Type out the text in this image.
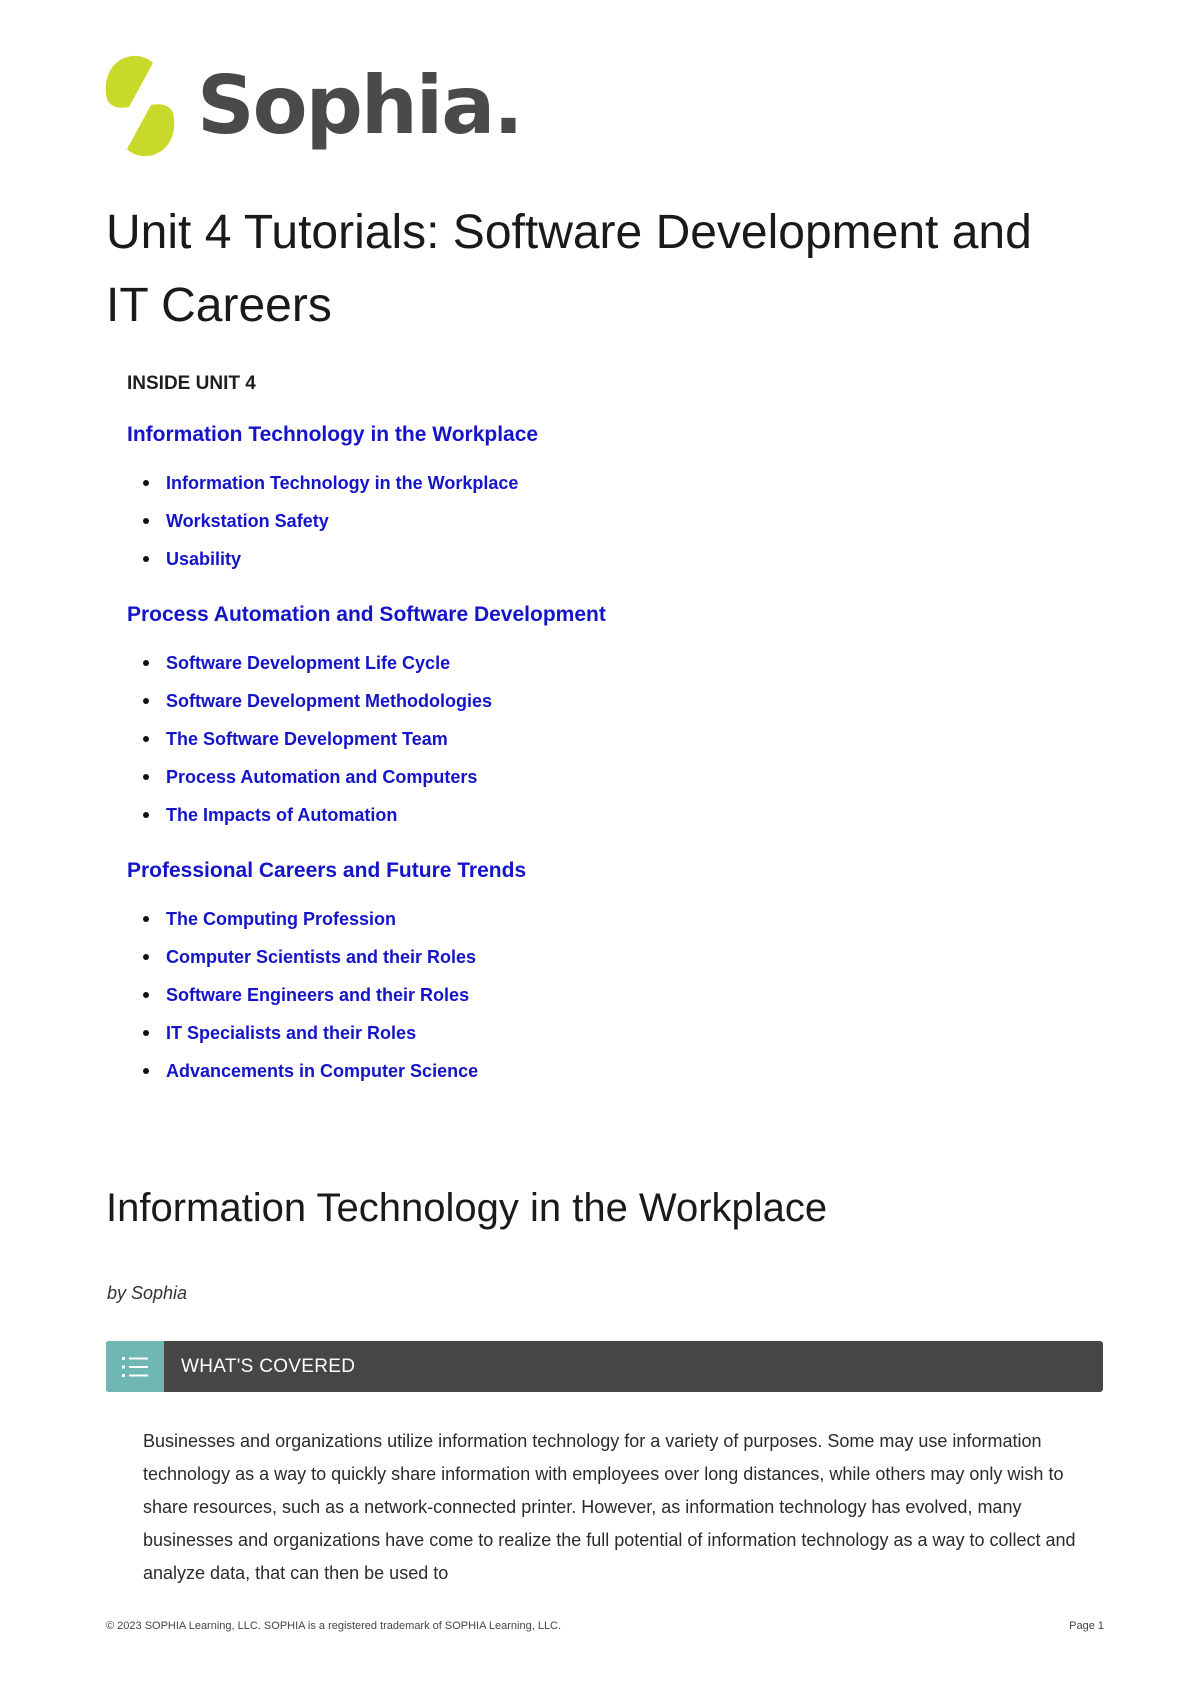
Sophia.
Unit 4 Tutorials: Software Development and IT Careers

INSIDE UNIT 4

Information Technology in the Workplace
Information Technology in the Workplace
Workstation Safety
Usability
Process Automation and Software Development
Software Development Life Cycle
Software Development Methodologies
The Software Development Team
Process Automation and Computers
The Impacts of Automation
Professional Careers and Future Trends
The Computing Profession
Computer Scientists and their Roles
Software Engineers and their Roles
IT Specialists and their Roles
Advancements in Computer Science
Information Technology in the Workplace
by Sophia
WHAT'S COVERED

Businesses and organizations utilize information technology for a variety of purposes. Some may use information technology as a way to quickly share information with employees over long distances, while others may only wish to share resources, such as a network-connected printer. However, as information technology has evolved, many businesses and organizations have come to realize the full potential of information technology as a way to collect and analyze data, that can then be used to

© 2023 SOPHIA Learning, LLC. SOPHIA is a registered trademark of SOPHIA Learning, LLC.	Page 1
